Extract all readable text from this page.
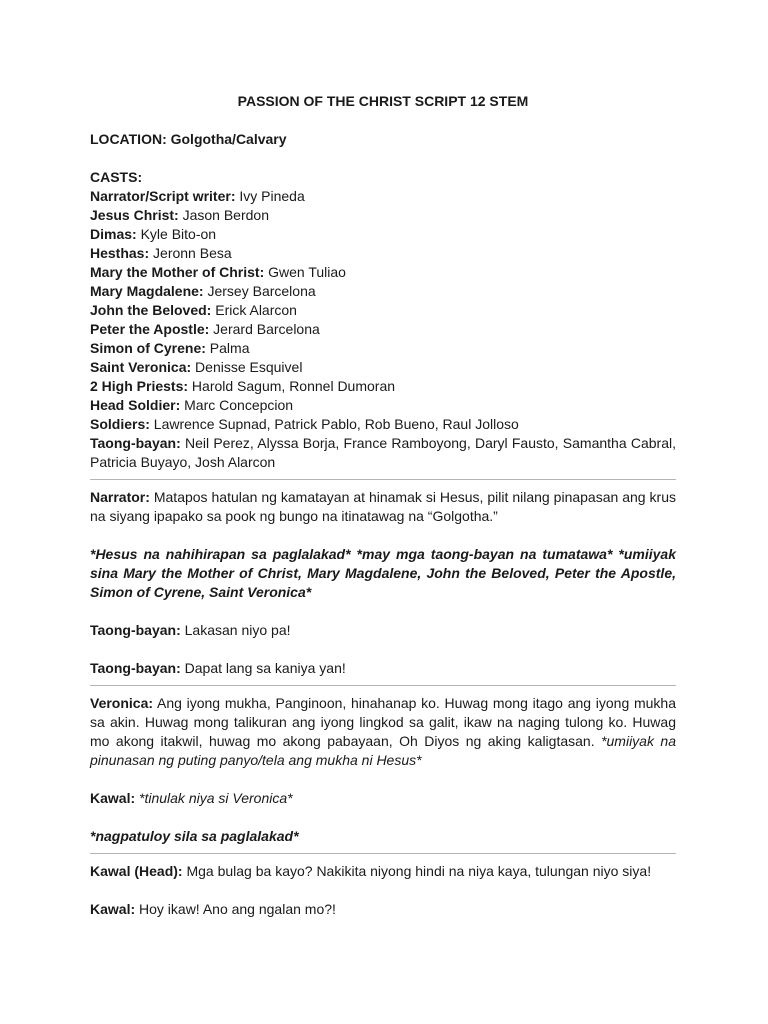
PASSION OF THE CHRIST SCRIPT 12 STEM

LOCATION: Golgotha/Calvary

CASTS:

Narrator/Script writer: Ivy Pineda

Jesus Christ: Jason Berdon

Dimas: Kyle Bito-on

Hesthas: Jeronn Besa

Mary the Mother of Christ: Gwen Tuliao

Mary Magdalene: Jersey Barcelona

John the Beloved: Erick Alarcon

Peter the Apostle: Jerard Barcelona

Simon of Cyrene: Palma

Saint Veronica: Denisse Esquivel

2 High Priests: Harold Sagum, Ronnel Dumoran

Head Soldier: Marc Concepcion

Soldiers: Lawrence Supnad, Patrick Pablo, Rob Bueno, Raul Jolloso

Taong-bayan: Neil Perez, Alyssa Borja, France Ramboyong, Daryl Fausto, Samantha Cabral, Patricia Buyayo, Josh Alarcon

Narrator: Matapos hatulan ng kamatayan at hinamak si Hesus, pilit nilang pinapasan ang krus na siyang ipapako sa pook ng bungo na itinatawag na “Golgotha.”

*Hesus na nahihirapan sa paglalakad* *may mga taong-bayan na tumatawa* *umiiyak sina Mary the Mother of Christ, Mary Magdalene, John the Beloved, Peter the Apostle, Simon of Cyrene, Saint Veronica*

Taong-bayan: Lakasan niyo pa!

Taong-bayan: Dapat lang sa kaniya yan!

Veronica: Ang iyong mukha, Panginoon, hinahanap ko. Huwag mong itago ang iyong mukha sa akin. Huwag mong talikuran ang iyong lingkod sa galit, ikaw na naging tulong ko. Huwag mo akong itakwil, huwag mo akong pabayaan, Oh Diyos ng aking kaligtasan. *umiiyak na pinunasan ng puting panyo/tela ang mukha ni Hesus*

Kawal: *tinulak niya si Veronica*

*nagpatuloy sila sa paglalakad*

Kawal (Head): Mga bulag ba kayo? Nakikita niyong hindi na niya kaya, tulungan niyo siya!

Kawal: Hoy ikaw! Ano ang ngalan mo?!
